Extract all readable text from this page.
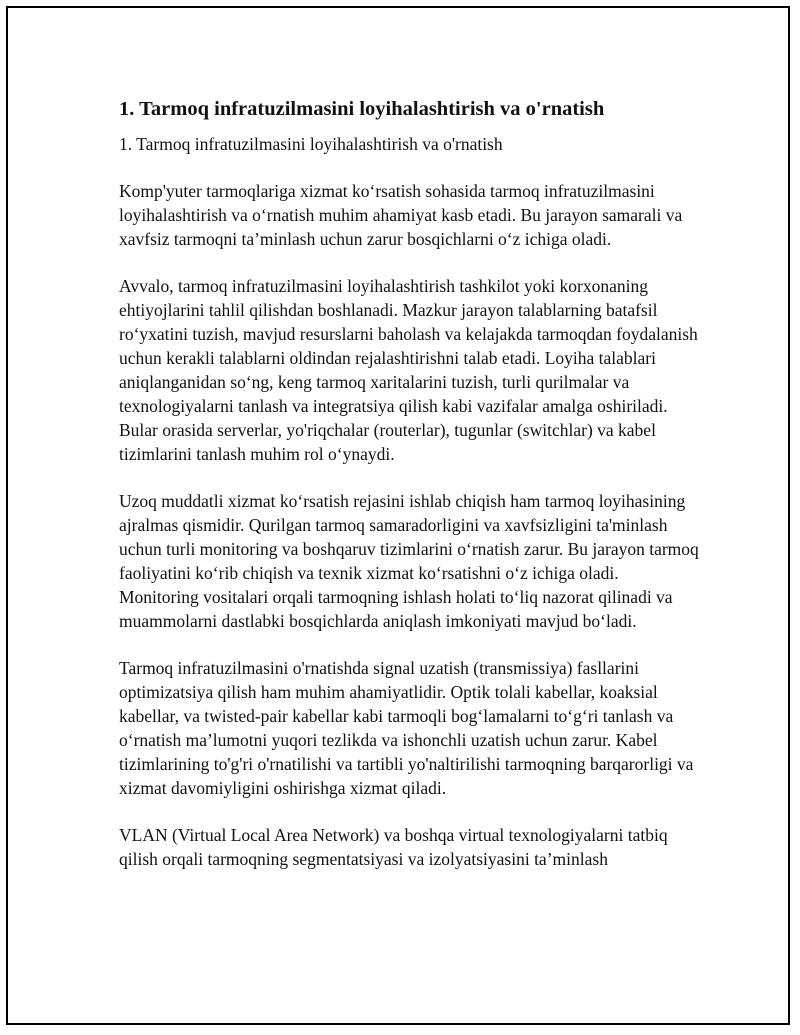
1. Tarmoq infratuzilmasini loyihalashtirish va o'rnatish
1. Tarmoq infratuzilmasini loyihalashtirish va o'rnatish

Komp'yuter tarmoqlariga xizmat koʻrsatish sohasida tarmoq infratuzilmasini loyihalashtirish va oʻrnatish muhim ahamiyat kasb etadi. Bu jarayon samarali va xavfsiz tarmoqni taʼminlash uchun zarur bosqichlarni oʻz ichiga oladi.

Avvalo, tarmoq infratuzilmasini loyihalashtirish tashkilot yoki korxonaning ehtiyojlarini tahlil qilishdan boshlanadi. Mazkur jarayon talablarning batafsil roʻyxatini tuzish, mavjud resurslarni baholash va kelajakda tarmoqdan foydalanish uchun kerakli talablarni oldindan rejalashtirishni talab etadi. Loyiha talablari aniqlanganidan soʻng, keng tarmoq xaritalarini tuzish, turli qurilmalar va texnologiyalarni tanlash va integratsiya qilish kabi vazifalar amalga oshiriladi. Bular orasida serverlar, yo'riqchalar (routerlar), tugunlar (switchlar) va kabel tizimlarini tanlash muhim rol oʻynaydi.

Uzoq muddatli xizmat koʻrsatish rejasini ishlab chiqish ham tarmoq loyihasining ajralmas qismidir. Qurilgan tarmoq samaradorligini va xavfsizligini ta'minlash uchun turli monitoring va boshqaruv tizimlarini oʻrnatish zarur. Bu jarayon tarmoq faoliyatini koʻrib chiqish va texnik xizmat koʻrsatishni oʻz ichiga oladi. Monitoring vositalari orqali tarmoqning ishlash holati toʻliq nazorat qilinadi va muammolarni dastlabki bosqichlarda aniqlash imkoniyati mavjud boʻladi.

Tarmoq infratuzilmasini o'rnatishda signal uzatish (transmissiya) fasllarini optimizatsiya qilish ham muhim ahamiyatlidir. Optik tolali kabellar, koaksial kabellar, va twisted-pair kabellar kabi tarmoqli bogʻlamalarni toʻgʻri tanlash va oʻrnatish maʼlumotni yuqori tezlikda va ishonchli uzatish uchun zarur. Kabel tizimlarining to'g'ri o'rnatilishi va tartibli yo'naltirilishi tarmoqning barqarorligi va xizmat davomiyligini oshirishga xizmat qiladi.

VLAN (Virtual Local Area Network) va boshqa virtual texnologiyalarni tatbiq qilish orqali tarmoqning segmentatsiyasi va izolyatsiyasini taʼminlash
